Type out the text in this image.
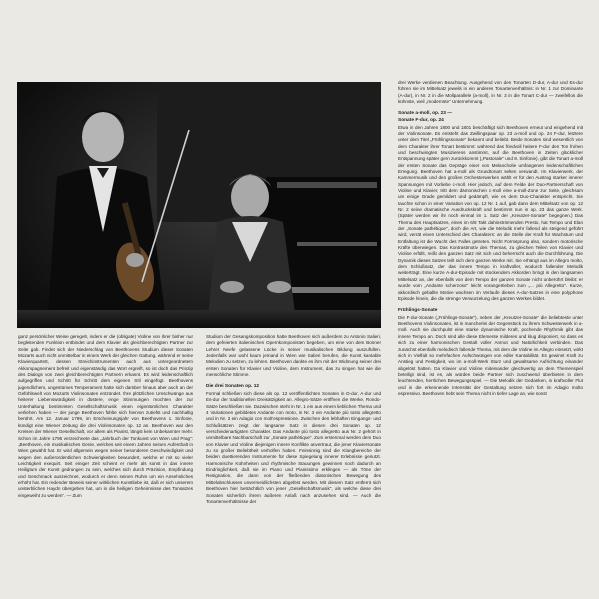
ganz persönlicher Weise geregelt, indem er die (obligate) Violine von ihrer bisher nur begleitenden Funktion entbindet und dem Klavier als gleichberechtigten Partner zur Seite gab. Findet sich der Niederschlag von Beethovens Studium dieser Sonaten Mozarts auch nicht unmittelbar in einem Werk der gleichen Gattung, während er seine Klavierquartett, dessen Streichinstrumenten auch aus untergeordnetem Akkompagnement befreit und eigenständig das Wort ergreift, so ist doch das Prinzip des Dialogs von zwei gleichberechtigten Partnern erkannt. Es wird leidenschaftlich aufgegriffen und Schritt für Schritt dem eigenen Stil eingefügt. Beethovens jugendlichem, ungestümes Temperament hatte sich darüber hinaus aber auch an der Gefühlswelt von Mozarts Violinsonaten entzündet. Ihre plötzlichen Umschwünge aus heiterer Liebenswürdigkeit in düstere, enge Stimmungen mochten der zur Unterhaltung bestimmten Gesellschaftsmusik einen eigentümlichen Charakter verliehen haben — der junge Beethoven fühlte sich hiervon zutiefst und nachhaltig berührt. Am 12. Januar 1799, im Erscheinungsjahr von Beethovens 1. Sinfonie, kündigt eine Wiener Zeitung die drei Violinsonaten op. 12 an. Beethoven war den Kreisen der Wiener Gesellschaft, vor allem als Pianist, längst kein Unbekannter mehr. Schon im Jahre 1796 verzeichnete das „Jahrbuch der Tonkunst von Wien und Prag": „Beethoven, ein musikalisches Genie, welches seit einem Jahren seinen Aufenthalt in Wien gewählt hat. Er wird allgemein wegen seiner besonderen Geschwindigkeit und wegen den außerordentlichen Schwierigkeiten bewundert, welche er mit so vieler Leichtigkeit exequirt. Seit einiger Zeit scheint er mehr als sonst in das innere Heiligtum der Kunst gedrungen zu sein, welches sich durch Präzision, Empfindung und Geschmack auszeichnet, wodurch er denn seinen Ruhm um ein Ansehnliches erhöht hat. Ein redender Beweis seiner wirklichen Kunstliebe ist, daß er sich unserem unsterblichen Haydn übergeben hat, um in die heiligen Geheimnisse des Tonsatzes eingeweiht zu werden". — Zum

Studium der Gesangskomposition hatte Beethoven sich außerdem zu Antonio Salieri, dem gefeierten italienischen Opernkomponisten begeben, um eine von dem Bonner Lehrer Neefe gelassene Lücke in seiner musikalischen Bildung auszufüllen. Jedenfalls war wohl kaum jemand in Wien wie Salieri berufen, die Kunst kantable Melodien zu setzen, zu lehren. Beethoven dankte es ihm mit der Widmung seiner drei ersten Sonaten für Klavier und Violine, dem Instrument, das zu singen hat wie die menschliche Stimme.

Die drei Sonaten op. 12

Formal schließen sich diese als op. 12 veröffentlichten Sonaten in D-dur, A-dur und Es-dur der traditionellen Dreisätzigkeit an. Allegro-Sätze eröffnen die Werke, Rondo-Sätze beschließen sie. Dazwischen steht in Nr. 1 ein aus einem lieblichen Thema und 4 Variationen gebildetes Andante con moto, in Nr. 3 ein Andante più tosto allegretto und in Nr. 3 ein Adagio con molt'espressione. Zwischen den lebhaften Eingangs- und Schlußsätzen zeigt der langsame Satz in diesen drei Sonaten op. 12 verschiedenartigsten Charakter. Das Andante più tosto allegretto aus Nr. 2 gehört in unmittelbare Nachbarschaft zur „Sonate pathétique". Zum erstenmal werden dem Duo von Klavier und Violine diejenigen innere Konflikte anvertraut, die jener Klaviersonate zu so großer Beliebtheit verholfen haben. Feinsinnig sind die Klangbereiche der beiden duettierenden Instrumente für diese Spiegelung innerer Erlebnisse genutzt. Harmonische Kühnheiten und rhythmische Stauungen gewinnen noch dadurch an Eindringlichkeit, daß sie im Piano und Pianissimo erklingen — als Töne der Resignation, die dann von der fließenden diatonischen Bewegung des Mittelabschlusses unvermeidlichsten abgelöst werden. Mit diesem Satz entfernt sich Beethoven hier beträchtlich von jener „Gesellschaftsmusik", als welche diese drei Sonaten sicherlich ihrem äußeren Anlaß nach anzusehen sind. — Auch die Tonartenverhältnisse der

drei Werke verdienen Beachtung. Ausgehend von den Tonarten D-dur, A-dur und Es-dur führen sie im Mittelsatz jeweils in ein anderes Tonartenverhältnis: in Nr. 1 zur Dominante (A-dur), in Nr. 2 in die Mollparallele (a-moll), in Nr. 3 in die Tonart C-dur — zweifellos die kühnste, weil „modernste" Unternehmung.

Sonate a-moll, op. 23 —
Sonate F-dur, op. 24

Etwa in den Jahren 1800 und 1801 beschäftigt sich Beethoven erneut und eingehend mit der Violinsonate. Es entsteht das Zwillingspaar op. 23 a-moll und op. 24 F-dur, letztere unter dem Titel „Frühlingssonate" bekannt und beliebt. Beide Sonaten sind wesentlich von dem Charakter ihrer Tonart bestimmt: während das friedvoll heitere F-dur den Ton frohen und beschwingten Musizierens anstimmt, auf die Beethoven in Zeiten glücklicher Entspannung später gern zurückkommt („Pastorale" und 8. Sinfonie), gibt die Tonart a-moll der ersten Sonate das Gepräge einer von Melancholie umfangenen leidenschaftlichen Erregung. Beethoven hat a-moll als Grundtonart selten verwandt. Im Klavierwerk, der Kammermusik und den großen Orchesterwerken wählt er für den Austrag starker innerer Spannungen mit Vorliebe c-moll. Hier jedoch, auf dem Felde der Duo-Partnerschaft von Violine und Klavier, tritt dem dämonischen c-moll eine a-moll-Zone zur Seite, gleichsam um einige Grade gemildert und gedämpft, wie es dem Duo-Charakter entspricht. Sie tauchte schon in einer Variation von op. 12 Nr. 1 auf, gab dann dem Mittelsatz von op. 12 Nr. 2 seine dramatische Ausdruckskraft und bestimmt nun in op. 23 das ganze Werk. (Später werden wir ihr noch einmal im 1. Satz der „Kreutzer-Sonate" begegnen.) Das Thema des Hauptsatzes, eines im 6/8 Takt dahinströmenden Presto, hat Tempo und Elan der „Sonate pathétique", doch die Art, wie die Melodik mehr fallend als steigend geführt wird, verrät einen Unterschied des Charakters: an die Stelle der Kraft für Wachstum und Entfaltung ist die Wucht des Falles getreten. Nicht Formsprung also, sondern motorische Kräfte überwiegen. Das Kontrastmotiv des Themas, zu gleichen Teilen von Klavier und Violine erfüllt, reißt den ganzen Satz mit sich und beherrscht auch die Durchführung. Die Dynamik dieses Satzes teilt sich dem ganzen Werke mit. Sie erhängt aus im Allegro molto, dem Schlußsatz, der das innere Tempo in kraftvoller, wodurch fallender Melodik weiterträgt. Eine kurze A-dur-Episode mit stockendem Akkorden bringt in den langsamen Mittelsatz an, der ebenfalls von dem Tempo der ganzen Sonate nicht unberührt bleibt: er wurde vom „Andante scherzoso" leicht vorangetrieben zum „... più Allegretto". Kurze, akkordisch geballte Motive wachsen im Verlaufe dieses A-dur-Satzes in eine polyphone Episode hinein, die die strenge Verwurzelung des ganzen Werkes bildet.

Frühlings-Sonate

Die F-dur-Sonate („Frühlings-Sonate"), neben der „Kreutzer-Sonate" die beliebteste unter Beethovens Violinsonaten, ist in mancherlei der Gegenstück zu ihrem Schwesterwerk in a-moll. Auch sie durchpulst eine starke dynamische Kraft, pochende Rhythmik gibt das innere Tempo an. Doch sind alle diese Elemente milderes und klug disponiert, so dass es sich zu einer harmonischen Gestalt voller Anmut und Natürlichkeit verbinden. Das zunächst ebenfalls melodisch fallende Thema, mit dem die Violine im Allegro einsetzt, wirkt sich in Vielfalt so mehrfachen Aufschwüngen von edler Kantabilität. Es gewinnt Kraft zu Anstieg und Festigkeit, wo im a-moll-Werk Sturz und gewaltsame Aufrichtung einander abgelöst hatten. Da Klavier und Violine miteinander gleichwertig an dem Themenspiel beteiligt sind, ist es, als würden beide Partner sich zuschwend überbieten in dem leuchtenden, herrlichen Bewegungsspiel. — Die Melodik der Gedanken, in kraftvoller Flut und in die erkennende Intensität der Gestaltung setzen sich fort im Adagio molto espressivo. Beethoven hebt sein Thema nicht in tiefer Lage an, wie sonst
